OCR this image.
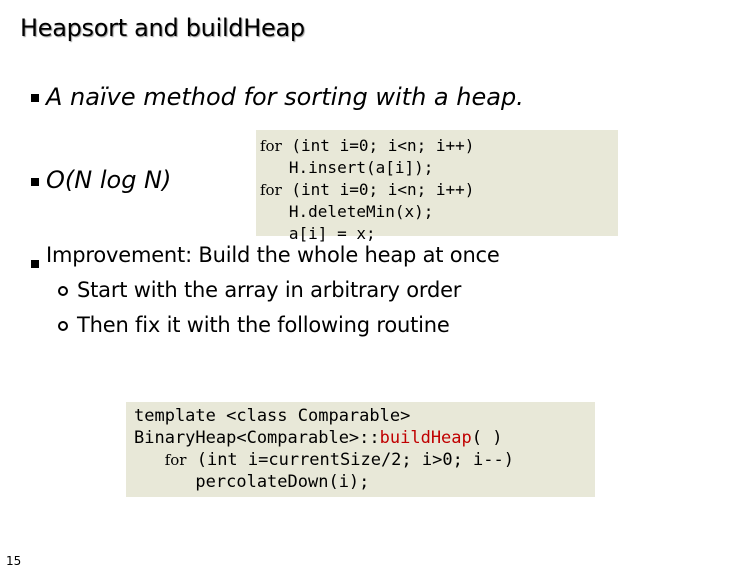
Heapsort and buildHeap
A naïve method for sorting with a heap.
O(N log N)
for (int i=0; i<n; i++)
H.insert(a[i]);
for (int i=0; i<n; i++)
H.deleteMin(x);
a[i] = x;
Improvement: Build the whole heap at once
Start with the array in arbitrary order
Then fix it with the following routine
template <class Comparable>
BinaryHeap<Comparable>::buildHeap( )
for (int i=currentSize/2; i>0; i--)
percolateDown(i);
15
